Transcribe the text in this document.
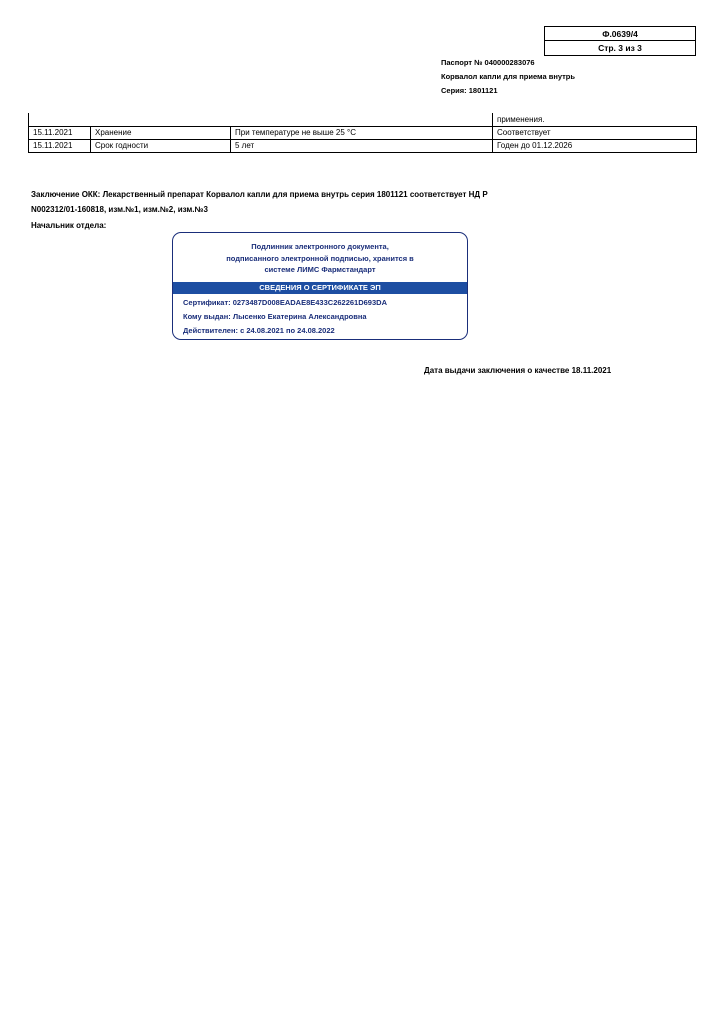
Ф.0639/4
Стр. 3 из 3
Паспорт № 040000283076
Корвалол капли для приема внутрь
Серия: 1801121
			применения.
15.11.2021	Хранение	При температуре не выше 25 °С	Соответствует
15.11.2021	Срок годности	5 лет	Годен до 01.12.2026
Заключение ОКК: Лекарственный препарат Корвалол капли для приема внутрь серия 1801121 соответствует НД Р
N002312/01-160818, изм.№1, изм.№2, изм.№3
Начальник отдела:
Подлинник электронного документа,
подписанного электронной подписью, хранится в
системе ЛИМС Фармстандарт
СВЕДЕНИЯ О СЕРТИФИКАТЕ ЭП
Сертификат: 0273487D008EADAE8E433C262261D693DA
Кому выдан: Лысенко Екатерина Александровна
Действителен: с 24.08.2021 по 24.08.2022
Дата выдачи заключения о качестве 18.11.2021
